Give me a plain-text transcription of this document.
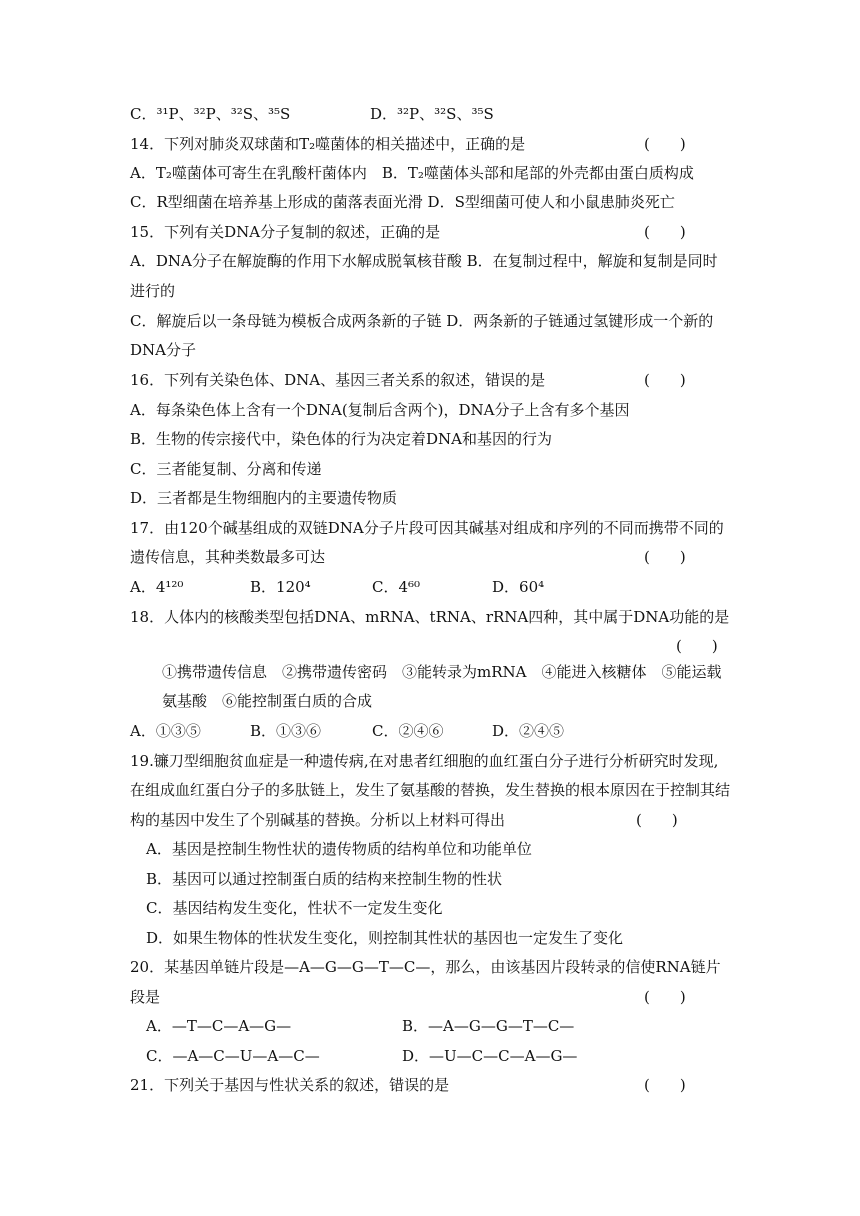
C．³¹P、³²P、³²S、³⁵S	D．³²P、³²S、³⁵S
14．下列对肺炎双球菌和T₂噬菌体的相关描述中，正确的是	(　　)
A．T₂噬菌体可寄生在乳酸杆菌体内　B．T₂噬菌体头部和尾部的外壳都由蛋白质构成
C．R型细菌在培养基上形成的菌落表面光滑 D．S型细菌可使人和小鼠患肺炎死亡
15．下列有关DNA分子复制的叙述，正确的是	(　　)
A．DNA分子在解旋酶的作用下水解成脱氧核苷酸 B．在复制过程中，解旋和复制是同时
进行的
C．解旋后以一条母链为模板合成两条新的子链 D．两条新的子链通过氢键形成一个新的
DNA分子
16．下列有关染色体、DNA、基因三者关系的叙述，错误的是	(　　)
A．每条染色体上含有一个DNA(复制后含两个)，DNA分子上含有多个基因
B．生物的传宗接代中，染色体的行为决定着DNA和基因的行为
C．三者能复制、分离和传递
D．三者都是生物细胞内的主要遗传物质
17．由120个碱基组成的双链DNA分子片段可因其碱基对组成和序列的不同而携带不同的
遗传信息，其种类数最多可达	(　　)
A．4¹²⁰	B．120⁴	C．4⁶⁰	D．60⁴
18．人体内的核酸类型包括DNA、mRNA、tRNA、rRNA四种，其中属于DNA功能的是
(　　)
①携带遗传信息　②携带遗传密码　③能转录为mRNA　④能进入核糖体　⑤能运载
氨基酸　⑥能控制蛋白质的合成
A．①③⑤	B．①③⑥	C．②④⑥	D．②④⑤
19.镰刀型细胞贫血症是一种遗传病,在对患者红细胞的血红蛋白分子进行分析研究时发现,
在组成血红蛋白分子的多肽链上，发生了氨基酸的替换，发生替换的根本原因在于控制其结
构的基因中发生了个别碱基的替换。分析以上材料可得出	(　　)
A．基因是控制生物性状的遗传物质的结构单位和功能单位
B．基因可以通过控制蛋白质的结构来控制生物的性状
C．基因结构发生变化，性状不一定发生变化
D．如果生物体的性状发生变化，则控制其性状的基因也一定发生了变化
20．某基因单链片段是—A—G—G—T—C—，那么，由该基因片段转录的信使RNA链片
段是	(　　)
A．—T—C—A—G—	B．—A—G—G—T—C—
C．—A—C—U—A—C—	D．—U—C—C—A—G—
21．下列关于基因与性状关系的叙述，错误的是	(　　)
